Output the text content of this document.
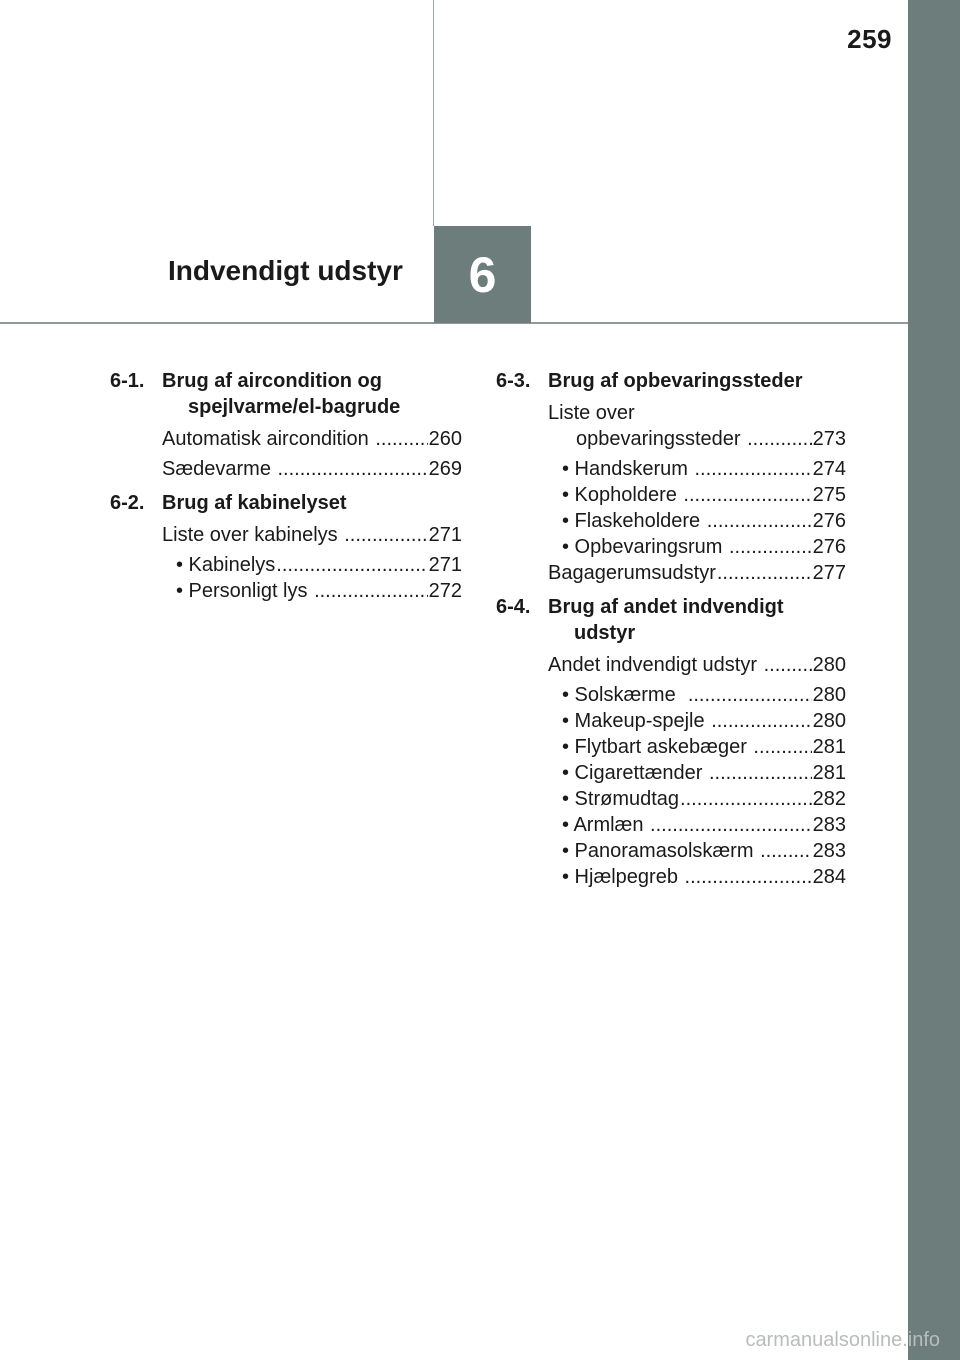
259
Indvendigt udstyr 6
6-1. Brug af aircondition og spejlvarme/el-bagrude
Automatisk aircondition .....	260
Sædevarme .....	269
6-2. Brug af kabinelyset
Liste over kabinelys .....	271
• Kabinelys .....	271
• Personligt lys .....	272
6-3. Brug af opbevaringssteder
Liste over
opbevaringssteder .....	273
• Handskerum .....	274
• Kopholdere .....	275
• Flaskeholdere .....	276
• Opbevaringsrum .....	276
Bagagerumsudstyr .....	277
6-4. Brug af andet indvendigt udstyr
Andet indvendigt udstyr .....	280
• Solskærme .....	280
• Makeup-spejle .....	280
• Flytbart askebæger .....	281
• Cigarettænder .....	281
• Strømudtag .....	282
• Armlæn .....	283
• Panoramasolskærm .....	283
• Hjælpegreb .....	284
carmanualsonline.info
